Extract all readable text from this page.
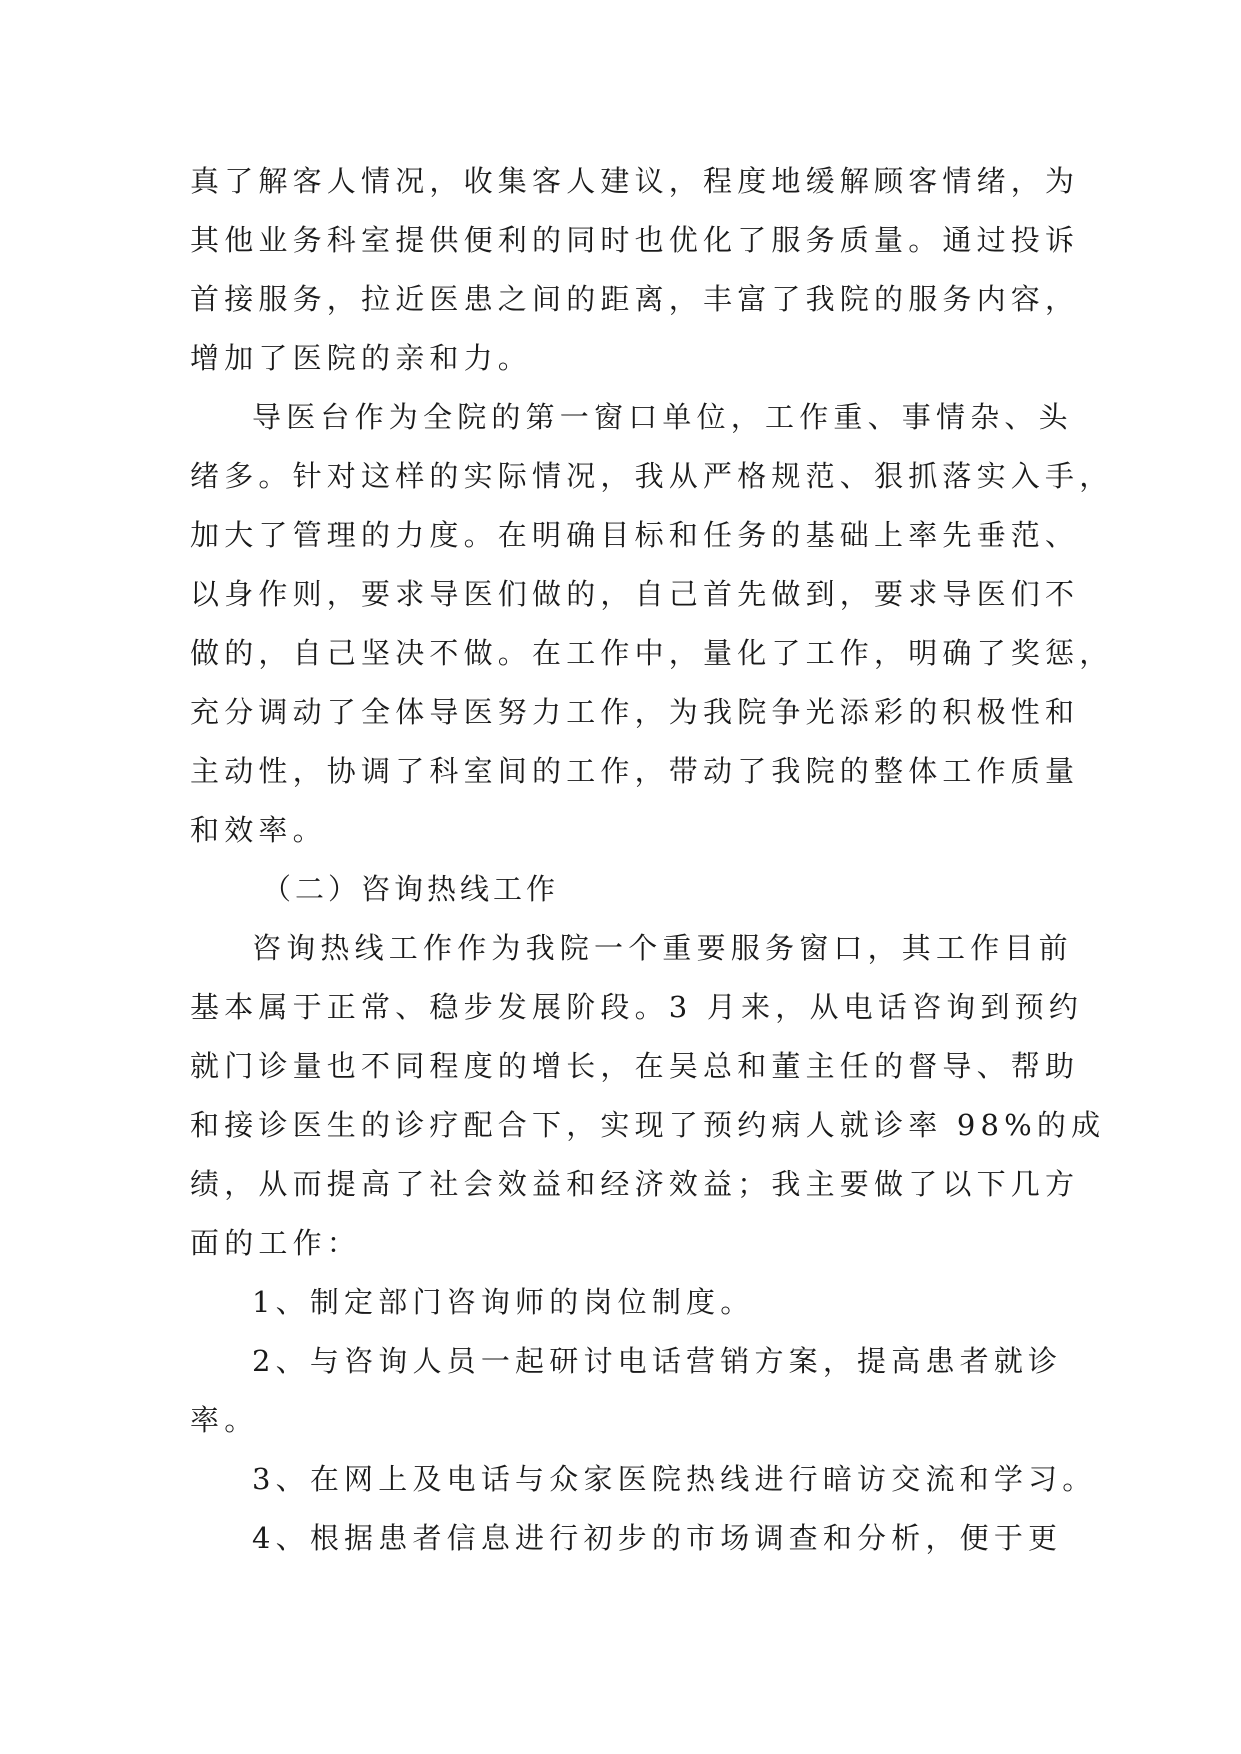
真了解客人情况，收集客人建议，程度地缓解顾客情绪，为
其他业务科室提供便利的同时也优化了服务质量。通过投诉
首接服务，拉近医患之间的距离，丰富了我院的服务内容，
增加了医院的亲和力。
导医台作为全院的第一窗口单位，工作重、事情杂、头
绪多。针对这样的实际情况，我从严格规范、狠抓落实入手，
加大了管理的力度。在明确目标和任务的基础上率先垂范、
以身作则，要求导医们做的，自己首先做到，要求导医们不
做的，自己坚决不做。在工作中，量化了工作，明确了奖惩，
充分调动了全体导医努力工作，为我院争光添彩的积极性和
主动性，协调了科室间的工作，带动了我院的整体工作质量
和效率。
（二）咨询热线工作
咨询热线工作作为我院一个重要服务窗口，其工作目前
基本属于正常、稳步发展阶段。3 月来，从电话咨询到预约
就门诊量也不同程度的增长，在吴总和董主任的督导、帮助
和接诊医生的诊疗配合下，实现了预约病人就诊率 98%的成
绩，从而提高了社会效益和经济效益；我主要做了以下几方
面的工作：
1、制定部门咨询师的岗位制度。
2、与咨询人员一起研讨电话营销方案，提高患者就诊
率。
3、在网上及电话与众家医院热线进行暗访交流和学习。
4、根据患者信息进行初步的市场调查和分析，便于更
